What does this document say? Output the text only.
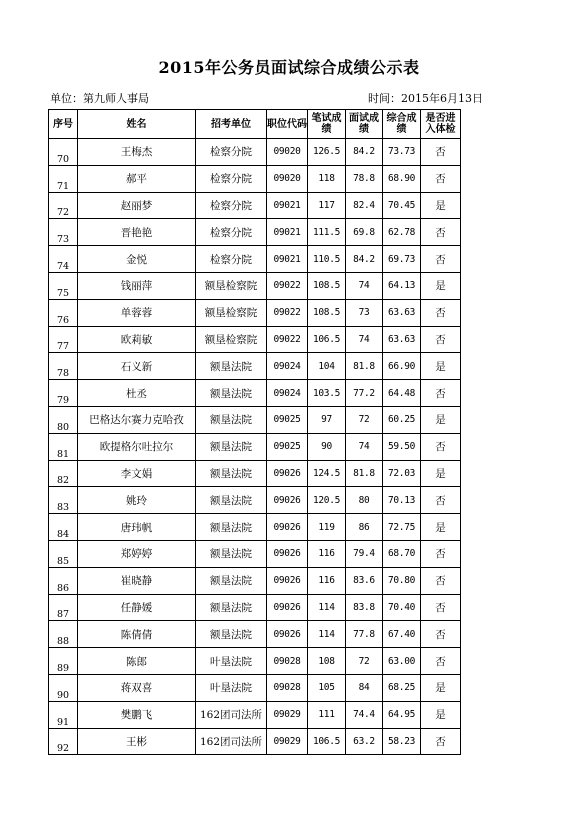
2015年公务员面试综合成绩公示表
单位：第九师人事局	时间：2015年6月13日
序号	姓名	招考单位	职位代码	笔试成绩	面试成绩	综合成绩	是否进入体检
70	王梅杰	检察分院	09020	126.5	84.2	73.73	否
71	郝平	检察分院	09020	118	78.8	68.90	否
72	赵丽梦	检察分院	09021	117	82.4	70.45	是
73	晋艳艳	检察分院	09021	111.5	69.8	62.78	否
74	金悦	检察分院	09021	110.5	84.2	69.73	否
75	钱丽萍	额垦检察院	09022	108.5	74	64.13	是
76	单蓉蓉	额垦检察院	09022	108.5	73	63.63	否
77	欧莉敏	额垦检察院	09022	106.5	74	63.63	否
78	石义新	额垦法院	09024	104	81.8	66.90	是
79	杜丞	额垦法院	09024	103.5	77.2	64.48	否
80	巴格达尔赛力克哈孜	额垦法院	09025	97	72	60.25	是
81	欧提格尔吐拉尔	额垦法院	09025	90	74	59.50	否
82	李文娟	额垦法院	09026	124.5	81.8	72.03	是
83	姚玲	额垦法院	09026	120.5	80	70.13	否
84	唐玮帆	额垦法院	09026	119	86	72.75	是
85	郑婷婷	额垦法院	09026	116	79.4	68.70	否
86	崔晓静	额垦法院	09026	116	83.6	70.80	否
87	任静媛	额垦法院	09026	114	83.8	70.40	否
88	陈倩倩	额垦法院	09026	114	77.8	67.40	否
89	陈郎	叶垦法院	09028	108	72	63.00	否
90	蒋双喜	叶垦法院	09028	105	84	68.25	是
91	樊鹏飞	162团司法所	09029	111	74.4	64.95	是
92	王彬	162团司法所	09029	106.5	63.2	58.23	否
